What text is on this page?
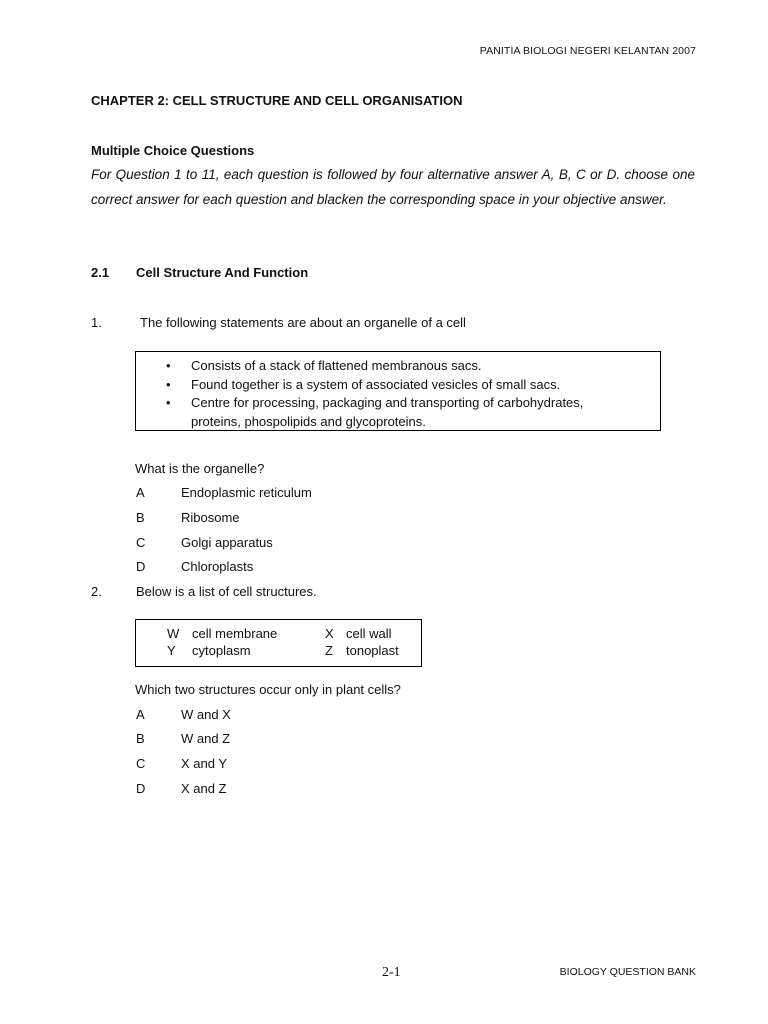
PANITIA BIOLOGI NEGERI KELANTAN 2007
CHAPTER 2: CELL STRUCTURE AND CELL ORGANISATION
Multiple Choice Questions
For Question 1 to 11, each question is followed by four alternative answer A, B, C or D. choose one correct answer for each question and blacken the corresponding space in your objective answer.
2.1 Cell Structure And Function
1.	The following statements are about an organelle of a cell
• Consists of a stack of flattened membranous sacs.
• Found together is a system of associated vesicles of small sacs.
• Centre for processing, packaging and transporting of carbohydrates, proteins, phospolipids and glycoproteins.
What is the organelle?
A	Endoplasmic reticulum
B	Ribosome
C	Golgi apparatus
D	Chloroplasts
2.	Below is a list of cell structures.
W cell membrane	X cell wall
Y cytoplasm	Z tonoplast
Which two structures occur only in plant cells?
A	W and X
B	W and Z
C	X and Y
D	X and Z
2-1	BIOLOGY QUESTION BANK
